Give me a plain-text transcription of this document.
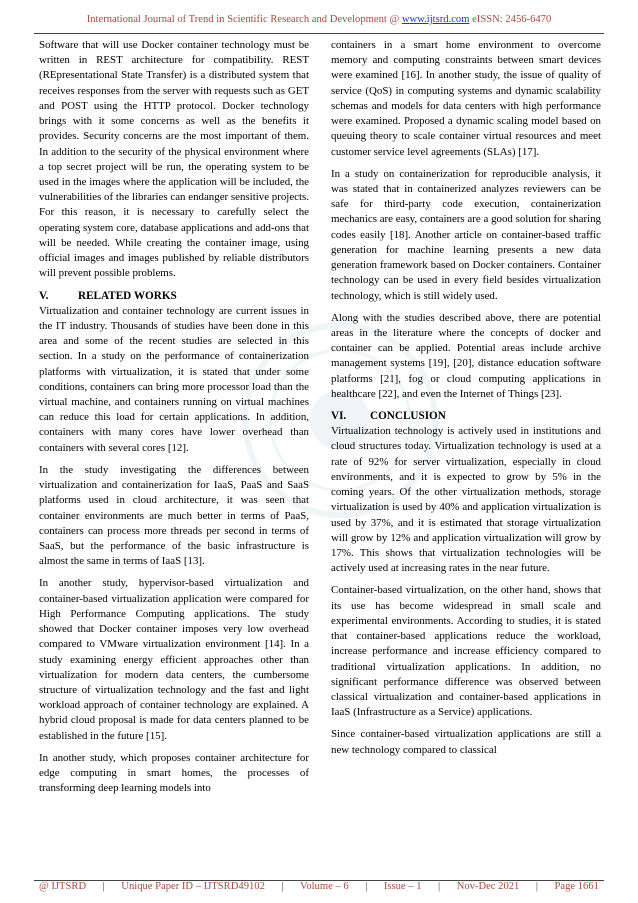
International Journal of Trend in Scientific Research and Development @ www.ijtsrd.com eISSN: 2456-6470

Software that will use Docker container technology must be written in REST architecture for compatibility. REST (REpresentational State Transfer) is a distributed system that receives responses from the server with requests such as GET and POST using the HTTP protocol. Docker technology brings with it some concerns as well as the benefits it provides. Security concerns are the most important of them. In addition to the security of the physical environment where a top secret project will be run, the operating system to be used in the images where the application will be included, the vulnerabilities of the libraries can endanger sensitive projects. For this reason, it is necessary to carefully select the operating system core, database applications and add-ons that will be needed. While creating the container image, using official images and images published by reliable distributors will prevent possible problems.

V.	RELATED WORKS

Virtualization and container technology are current issues in the IT industry. Thousands of studies have been done in this area and some of the recent studies are selected in this section. In a study on the performance of containerization platforms with virtualization, it is stated that under some conditions, containers can bring more processor load than the virtual machine, and containers running on virtual machines can reduce this load for certain applications. In addition, containers with many cores have lower overhead than containers with several cores [12].

In the study investigating the differences between virtualization and containerization for IaaS, PaaS and SaaS platforms used in cloud architecture, it was seen that container environments are much better in terms of PaaS, containers can process more threads per second in terms of SaaS, but the performance of the basic infrastructure is almost the same in terms of IaaS [13].

In another study, hypervisor-based virtualization and container-based virtualization application were compared for High Performance Computing applications. The study showed that Docker container imposes very low overhead compared to VMware virtualization environment [14]. In a study examining energy efficient approaches other than virtualization for modern data centers, the cumbersome structure of virtualization technology and the fast and light workload approach of container technology are explained. A hybrid cloud proposal is made for data centers planned to be established in the future [15].

In another study, which proposes container architecture for edge computing in smart homes, the processes of transforming deep learning models into

containers in a smart home environment to overcome memory and computing constraints between smart devices were examined [16]. In another study, the issue of quality of service (QoS) in computing systems and dynamic scalability schemas and models for data centers with high performance were examined. Proposed a dynamic scaling model based on queuing theory to scale container virtual resources and meet customer service level agreements (SLAs) [17].

In a study on containerization for reproducible analysis, it was stated that in containerized analyzes reviewers can be safe for third-party code execution, containerization mechanics are easy, containers are a good solution for sharing codes easily [18]. Another article on container-based traffic generation for machine learning presents a new data generation framework based on Docker containers. Container technology can be used in every field besides virtualization technology, which is still widely used.

Along with the studies described above, there are potential areas in the literature where the concepts of docker and container can be applied. Potential areas include archive management systems [19], [20], distance education software platforms [21], fog or cloud computing applications in healthcare [22], and even the Internet of Things [23].

VI. CONCLUSION

Virtualization technology is actively used in institutions and cloud structures today. Virtualization technology is used at a rate of 92% for server virtualization, especially in cloud environments, and it is expected to grow by 5% in the coming years. Of the other virtualization methods, storage virtualization is used by 40% and application virtualization is used by 37%, and it is estimated that storage virtualization will grow by 12% and application virtualization will grow by 17%. This shows that virtualization technologies will be actively used at increasing rates in the near future.

Container-based virtualization, on the other hand, shows that its use has become widespread in small scale and experimental environments. According to studies, it is stated that container-based applications reduce the workload, increase performance and increase efficiency compared to traditional virtualization applications. In addition, no significant performance difference was observed between classical virtualization and container-based applications in IaaS (Infrastructure as a Service) applications.

Since container-based virtualization applications are still a new technology compared to classical

@ IJTSRD | Unique Paper ID – IJTSRD49102 | Volume – 6 | Issue – 1 | Nov-Dec 2021 | Page 1661
